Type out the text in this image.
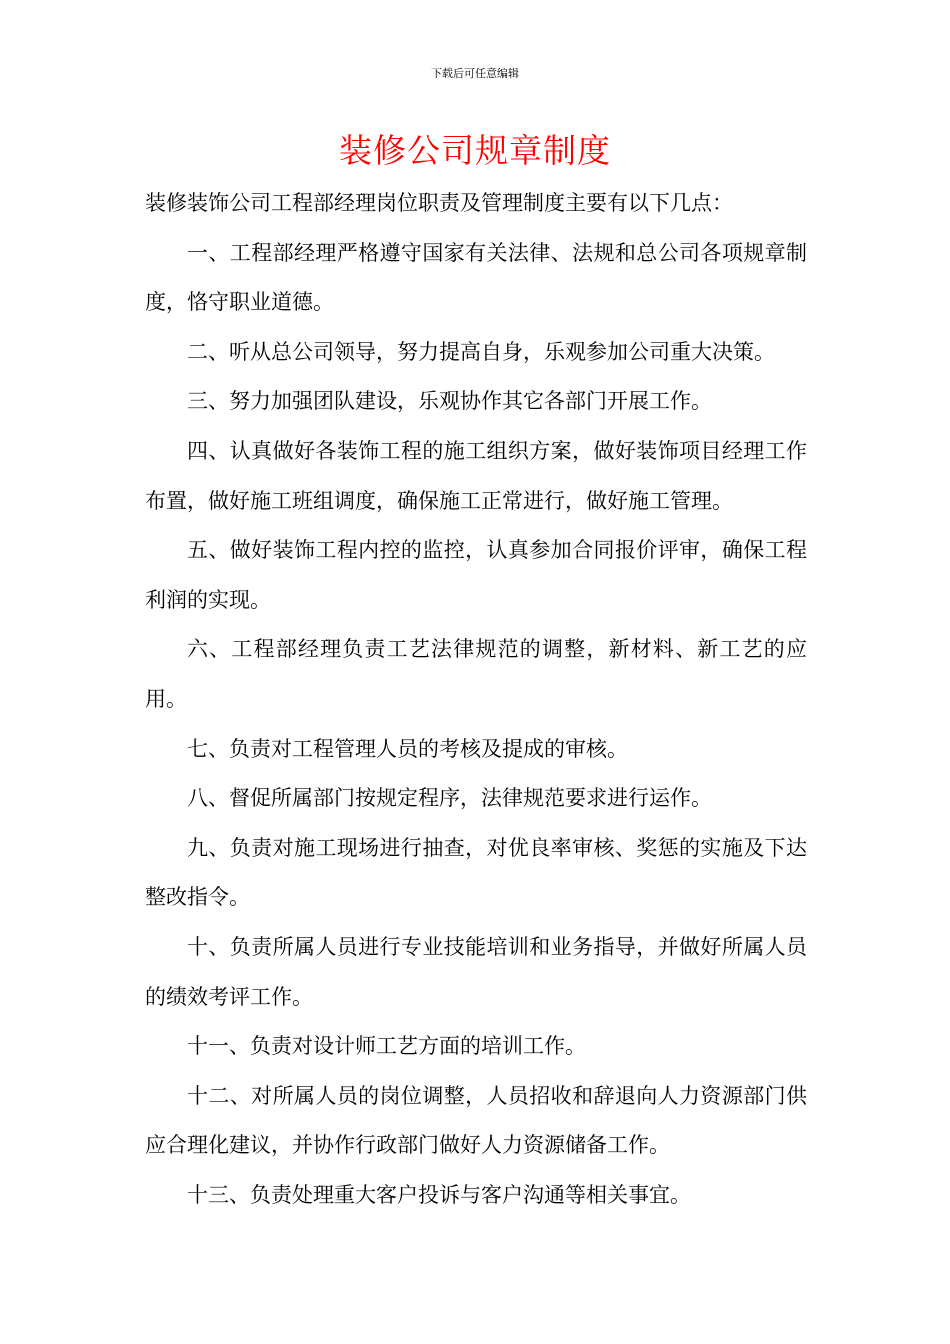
下载后可任意编辑
装修公司规章制度

装修装饰公司工程部经理岗位职责及管理制度主要有以下几点：

一、工程部经理严格遵守国家有关法律、法规和总公司各项规章制度，恪守职业道德。

二、听从总公司领导，努力提高自身，乐观参加公司重大决策。

三、努力加强团队建设，乐观协作其它各部门开展工作。

四、认真做好各装饰工程的施工组织方案，做好装饰项目经理工作布置，做好施工班组调度，确保施工正常进行，做好施工管理。

五、做好装饰工程内控的监控，认真参加合同报价评审，确保工程利润的实现。

六、工程部经理负责工艺法律规范的调整，新材料、新工艺的应用。

七、负责对工程管理人员的考核及提成的审核。

八、督促所属部门按规定程序，法律规范要求进行运作。

九、负责对施工现场进行抽查，对优良率审核、奖惩的实施及下达整改指令。

十、负责所属人员进行专业技能培训和业务指导，并做好所属人员的绩效考评工作。

十一、负责对设计师工艺方面的培训工作。

十二、对所属人员的岗位调整，人员招收和辞退向人力资源部门供应合理化建议，并协作行政部门做好人力资源储备工作。

十三、负责处理重大客户投诉与客户沟通等相关事宜。
